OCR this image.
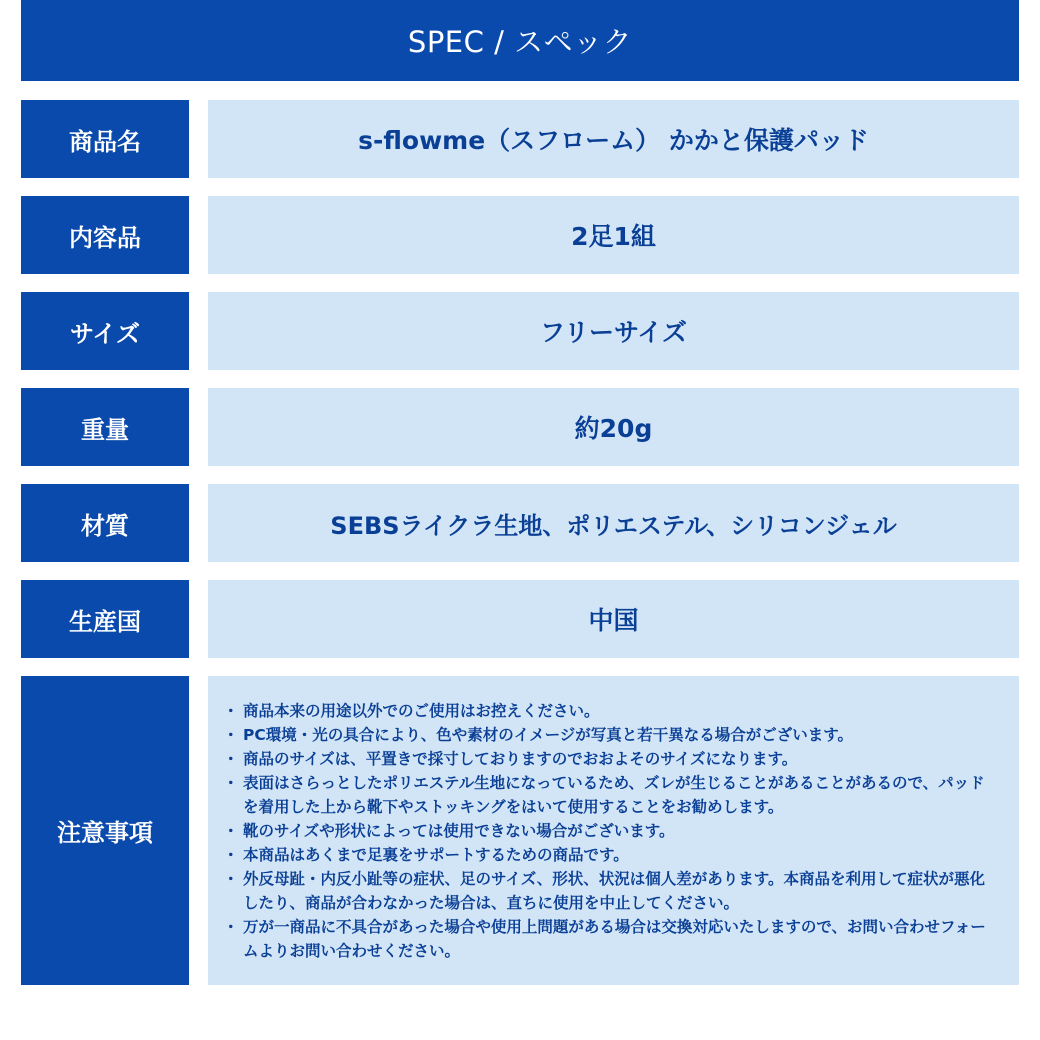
SPEC / スペック
商品名	s-flowme（スフローム） かかと保護パッド
内容品	2足1組
サイズ	フリーサイズ
重量	約20g
材質	SEBSライクラ生地、ポリエステル、シリコンジェル
生産国	中国
注意事項
・ 商品本来の用途以外でのご使用はお控えください。
・ PC環境・光の具合により、色や素材のイメージが写真と若干異なる場合がございます。
・ 商品のサイズは、平置きで採寸しておりますのでおおよそのサイズになります。
・ 表面はさらっとしたポリエステル生地になっているため、ズレが生じることがあることがあるので、パッドを着用した上から靴下やストッキングをはいて使用することをお勧めします。
・ 靴のサイズや形状によっては使用できない場合がございます。
・ 本商品はあくまで足裏をサポートするための商品です。
・ 外反母趾・内反小趾等の症状、足のサイズ、形状、状況は個人差があります。本商品を利用して症状が悪化したり、商品が合わなかった場合は、直ちに使用を中止してください。
・ 万が一商品に不具合があった場合や使用上問題がある場合は交換対応いたしますので、お問い合わせフォームよりお問い合わせください。
